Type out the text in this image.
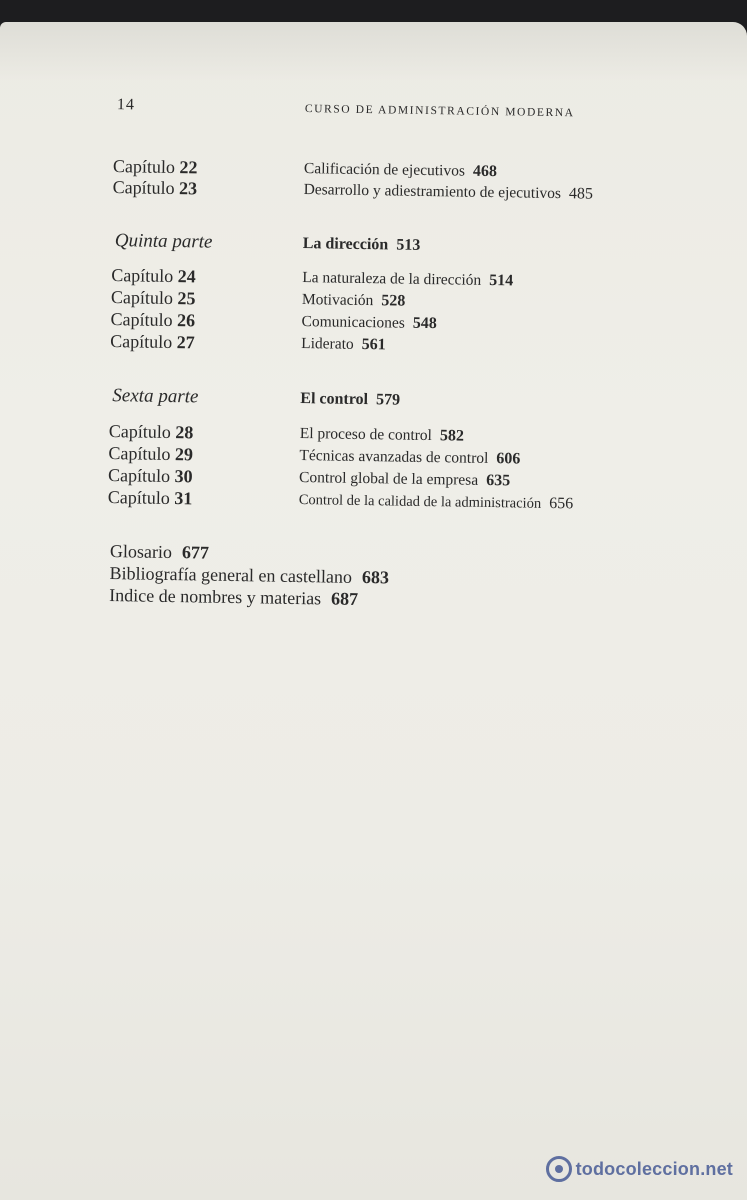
14	CURSO DE ADMINISTRACIÓN MODERNA
Capítulo 22	Calificación de ejecutivos 468
Capítulo 23	Desarrollo y adiestramiento de ejecutivos 485
Quinta parte	La dirección 513
Capítulo 24	La naturaleza de la dirección 514
Capítulo 25	Motivación 528
Capítulo 26	Comunicaciones 548
Capítulo 27	Liderato 561
Sexta parte	El control 579
Capítulo 28	El proceso de control 582
Capítulo 29	Técnicas avanzadas de control 606
Capítulo 30	Control global de la empresa 635
Capítulo 31	Control de la calidad de la administración 656
Glosario 677
Bibliografía general en castellano 683
Indice de nombres y materias 687
todocoleccion.net
